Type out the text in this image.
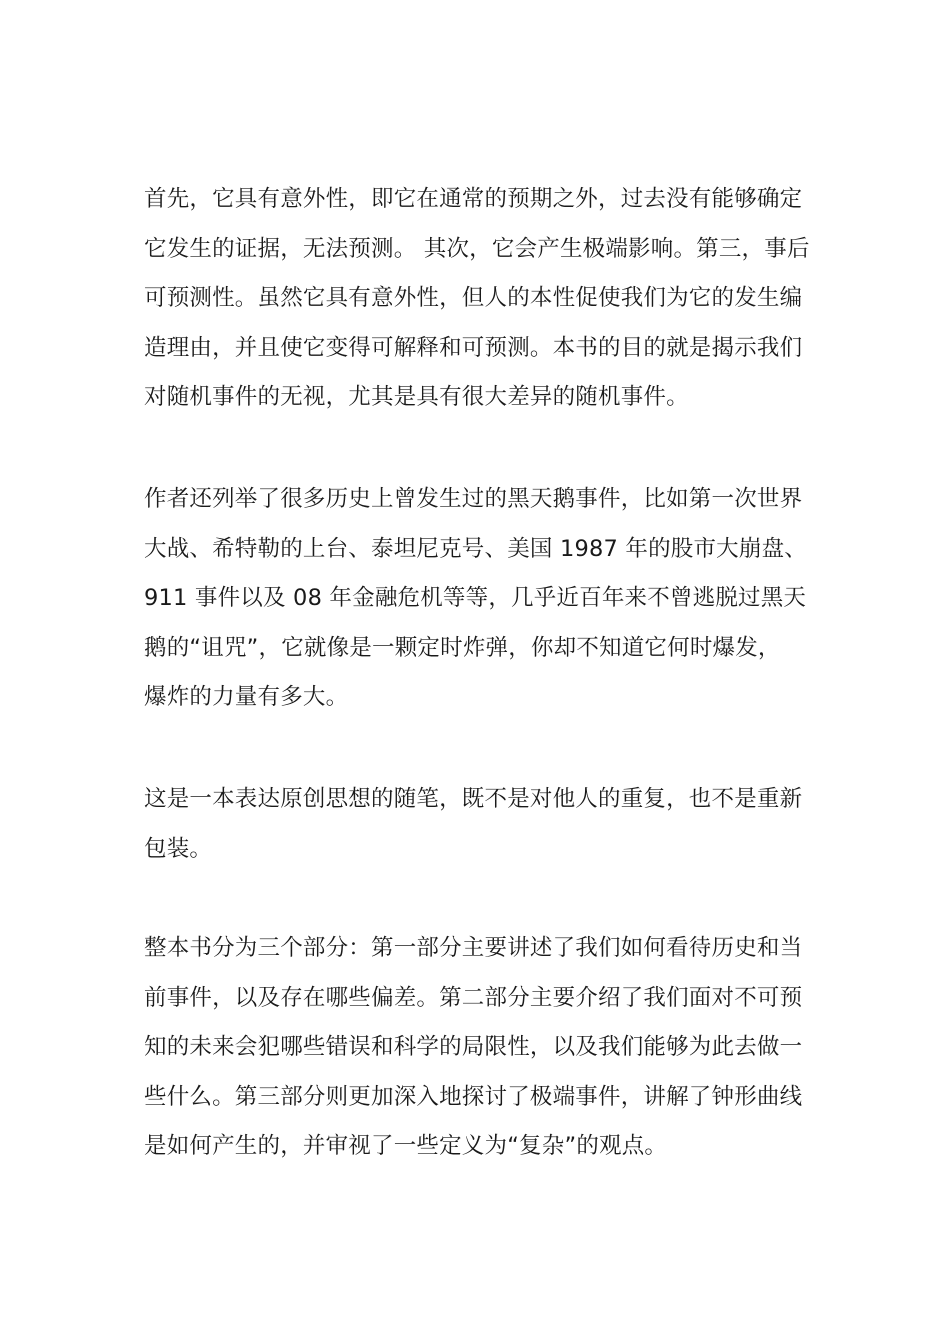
首先，它具有意外性，即它在通常的预期之外，过去没有能够确定
它发生的证据，无法预测。 其次，它会产生极端影响。第三，事后
可预测性。虽然它具有意外性，但人的本性促使我们为它的发生编
造理由，并且使它变得可解释和可预测。本书的目的就是揭示我们
对随机事件的无视，尤其是具有很大差异的随机事件。

作者还列举了很多历史上曾发生过的黑天鹅事件，比如第一次世界
大战、希特勒的上台、泰坦尼克号、美国 1987 年的股市大崩盘、
911 事件以及 08 年金融危机等等，几乎近百年来不曾逃脱过黑天
鹅的“诅咒”，它就像是一颗定时炸弹，你却不知道它何时爆发，
爆炸的力量有多大。

这是一本表达原创思想的随笔，既不是对他人的重复，也不是重新
包装。

整本书分为三个部分：第一部分主要讲述了我们如何看待历史和当
前事件，以及存在哪些偏差。第二部分主要介绍了我们面对不可预
知的未来会犯哪些错误和科学的局限性，以及我们能够为此去做一
些什么。第三部分则更加深入地探讨了极端事件，讲解了钟形曲线
是如何产生的，并审视了一些定义为“复杂”的观点。
